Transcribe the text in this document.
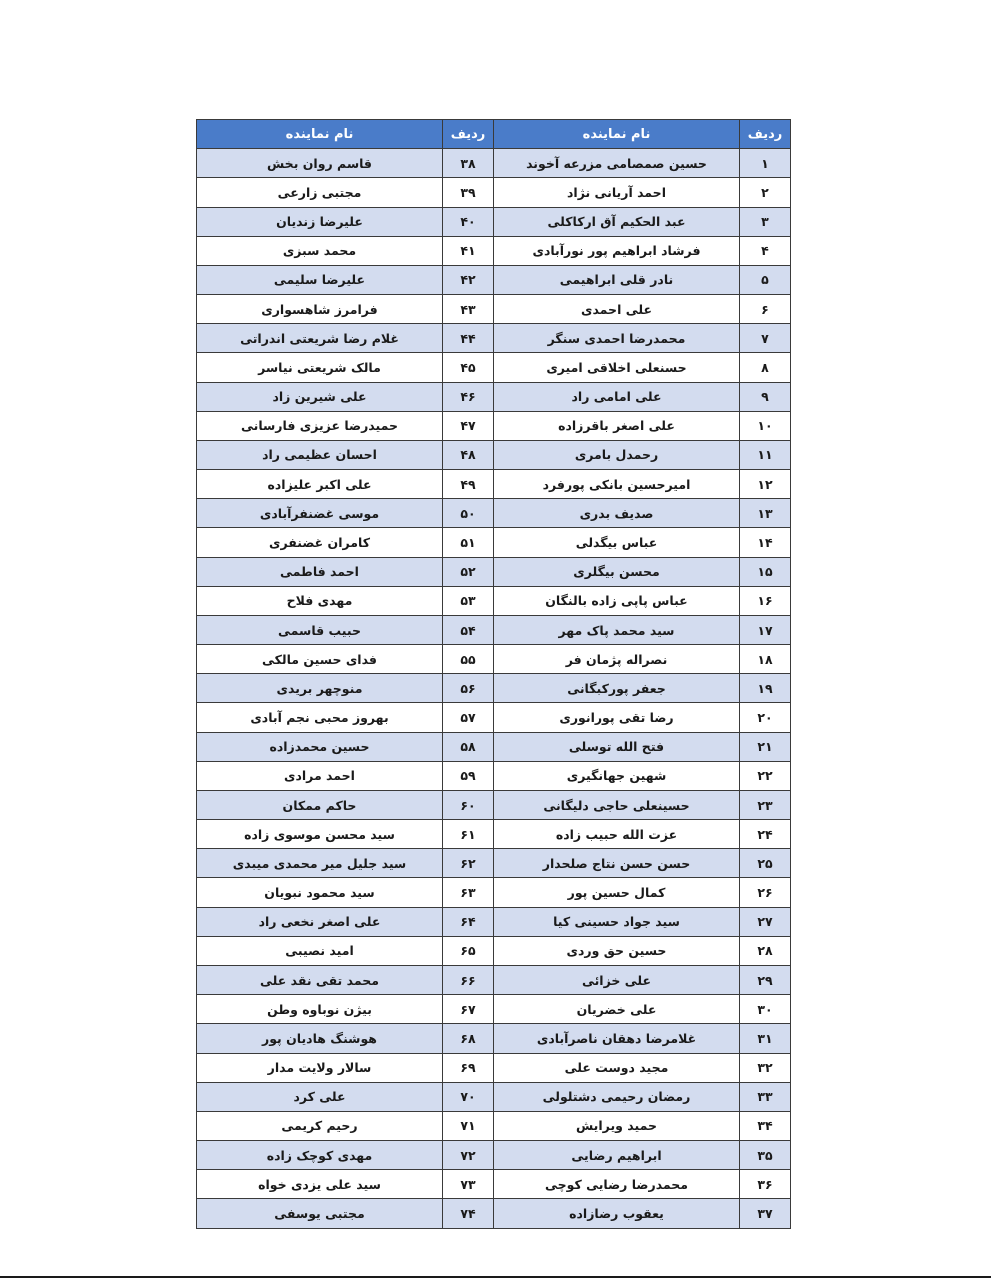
ردیف	نام نماینده	ردیف	نام نماینده
۱	حسین صمصامی مزرعه آخوند	۳۸	قاسم روان بخش
۲	احمد آریانی نژاد	۳۹	مجتبی زارعی
۳	عبد الحکیم آق ارکاکلی	۴۰	علیرضا زندیان
۴	فرشاد ابراهیم پور نورآبادی	۴۱	محمد سبزی
۵	نادر قلی ابراهیمی	۴۲	علیرضا سلیمی
۶	علی احمدی	۴۳	فرامرز شاهسواری
۷	محمدرضا احمدی سنگر	۴۴	غلام رضا شریعتی اندراتی
۸	حسنعلی اخلاقی امیری	۴۵	مالک شریعتی نیاسر
۹	علی امامی راد	۴۶	علی شیرین زاد
۱۰	علی اصغر باقرزاده	۴۷	حمیدرضا عزیزی فارسانی
۱۱	رحمدل بامری	۴۸	احسان عظیمی راد
۱۲	امیرحسین بانکی پورفرد	۴۹	علی اکبر علیزاده
۱۳	صدیف بدری	۵۰	موسی غضنفرآبادی
۱۴	عباس بیگدلی	۵۱	کامران غضنفری
۱۵	محسن بیگلری	۵۲	احمد فاطمی
۱۶	عباس پاپی زاده بالنگان	۵۳	مهدی فلاح
۱۷	سید محمد پاک مهر	۵۴	حبیب قاسمی
۱۸	نصراله پژمان فر	۵۵	فدای حسین مالکی
۱۹	جعفر پورکبگانی	۵۶	منوچهر بریدی
۲۰	رضا تقی پورانوری	۵۷	بهروز محبی نجم آبادی
۲۱	فتح الله توسلی	۵۸	حسین محمدزاده
۲۲	شهین جهانگیری	۵۹	احمد مرادی
۲۳	حسینعلی حاجی دلیگانی	۶۰	حاکم ممکان
۲۴	عزت الله حبیب زاده	۶۱	سید محسن موسوی زاده
۲۵	حسن حسن نتاج صلحدار	۶۲	سید جلیل میر محمدی میبدی
۲۶	کمال حسین پور	۶۳	سید محمود نبویان
۲۷	سید جواد حسینی کیا	۶۴	علی اصغر نخعی راد
۲۸	حسین حق وردی	۶۵	امید نصیبی
۲۹	علی خزائی	۶۶	محمد تقی نقد علی
۳۰	علی خضریان	۶۷	بیژن نوباوه وطن
۳۱	غلامرضا دهقان ناصرآبادی	۶۸	هوشنگ هادیان پور
۳۲	مجید دوست علی	۶۹	سالار ولایت مدار
۳۳	رمضان رحیمی دشتلولی	۷۰	علی کرد
۳۴	حمید ویرایش	۷۱	رحیم کریمی
۳۵	ابراهیم رضایی	۷۲	مهدی کوچک زاده
۳۶	محمدرضا رضایی کوچی	۷۳	سید علی یزدی خواه
۳۷	یعقوب رضازاده	۷۴	مجتبی یوسفی
